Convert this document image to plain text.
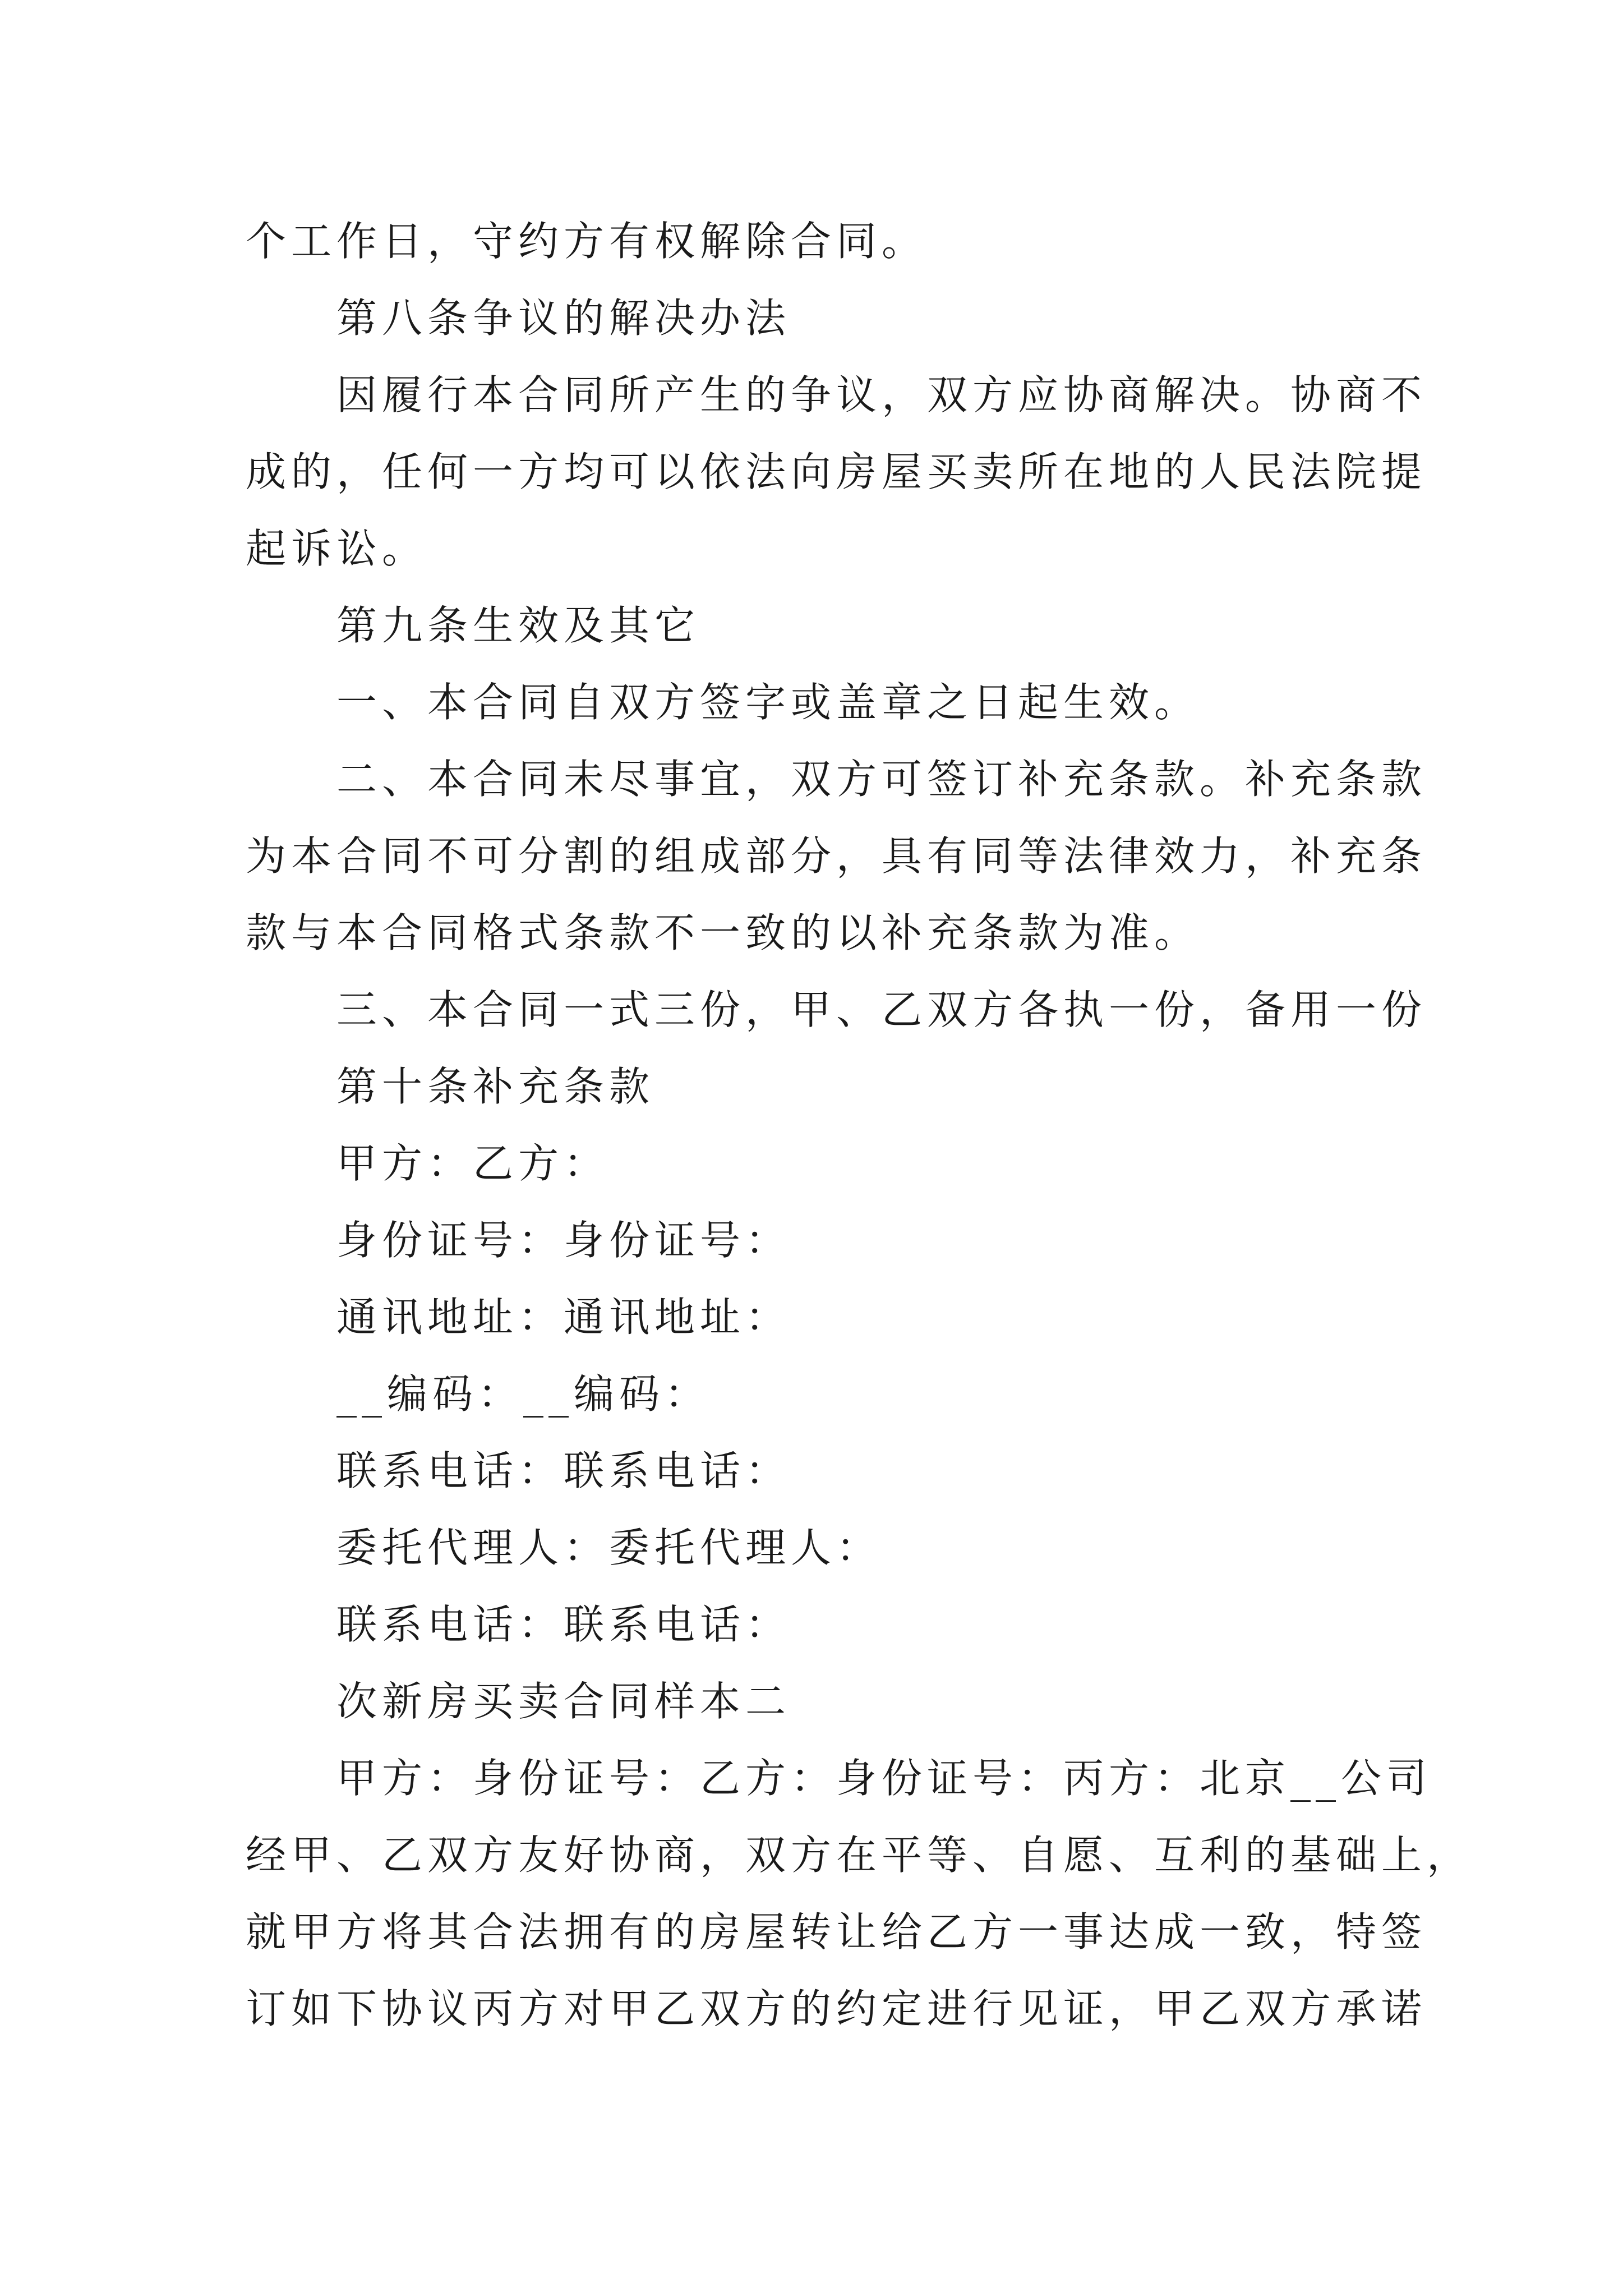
个工作日，守约方有权解除合同。

第八条争议的解决办法

因履行本合同所产生的争议，双方应协商解决。协商不

成的，任何一方均可以依法向房屋买卖所在地的人民法院提

起诉讼。

第九条生效及其它

一、本合同自双方签字或盖章之日起生效。

二、本合同未尽事宜，双方可签订补充条款。补充条款

为本合同不可分割的组成部分，具有同等法律效力，补充条

款与本合同格式条款不一致的以补充条款为准。

三、本合同一式三份，甲、乙双方各执一份，备用一份

第十条补充条款

甲方：乙方：

身份证号：身份证号：

通讯地址：通讯地址：

__编码：__编码：

联系电话：联系电话：

委托代理人：委托代理人：

联系电话：联系电话：

次新房买卖合同样本二

甲方：身份证号：乙方：身份证号：丙方：北京__公司

经甲、乙双方友好协商，双方在平等、自愿、互利的基础上，

就甲方将其合法拥有的房屋转让给乙方一事达成一致，特签

订如下协议丙方对甲乙双方的约定进行见证，甲乙双方承诺
